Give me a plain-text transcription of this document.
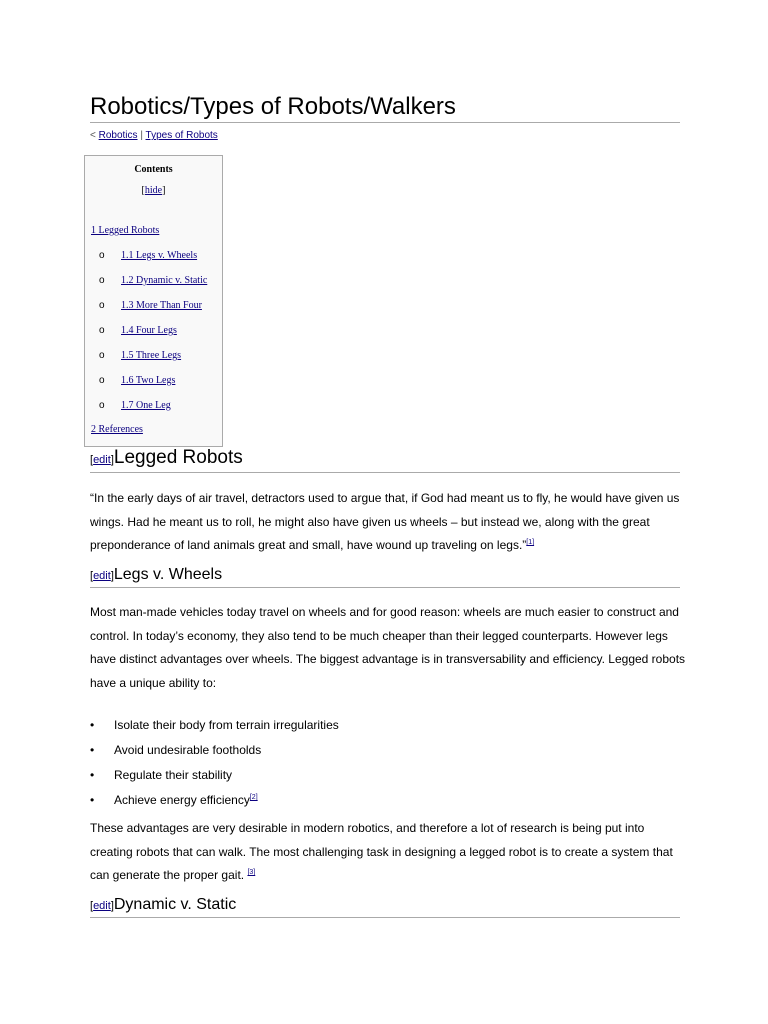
Robotics/Types of Robots/Walkers
< Robotics | Types of Robots
Contents
[hide]
1 Legged Robots
o 1.1 Legs v. Wheels
o 1.2 Dynamic v. Static
o 1.3 More Than Four
o 1.4 Four Legs
o 1.5 Three Legs
o 1.6 Two Legs
o 1.7 One Leg
2 References
[edit]Legged Robots

“In the early days of air travel, detractors used to argue that, if God had meant us to fly, he would have given us wings. Had he meant us to roll, he might also have given us wheels – but instead we, along with the great preponderance of land animals great and small, have wound up traveling on legs.”[1]

[edit]Legs v. Wheels

Most man-made vehicles today travel on wheels and for good reason: wheels are much easier to construct and control. In today’s economy, they also tend to be much cheaper than their legged counterparts. However legs have distinct advantages over wheels. The biggest advantage is in transversability and efficiency. Legged robots have a unique ability to:

• Isolate their body from terrain irregularities
• Avoid undesirable footholds
• Regulate their stability
• Achieve energy efficiency[2]

These advantages are very desirable in modern robotics, and therefore a lot of research is being put into creating robots that can walk. The most challenging task in designing a legged robot is to create a system that can generate the proper gait. [3]

[edit]Dynamic v. Static
